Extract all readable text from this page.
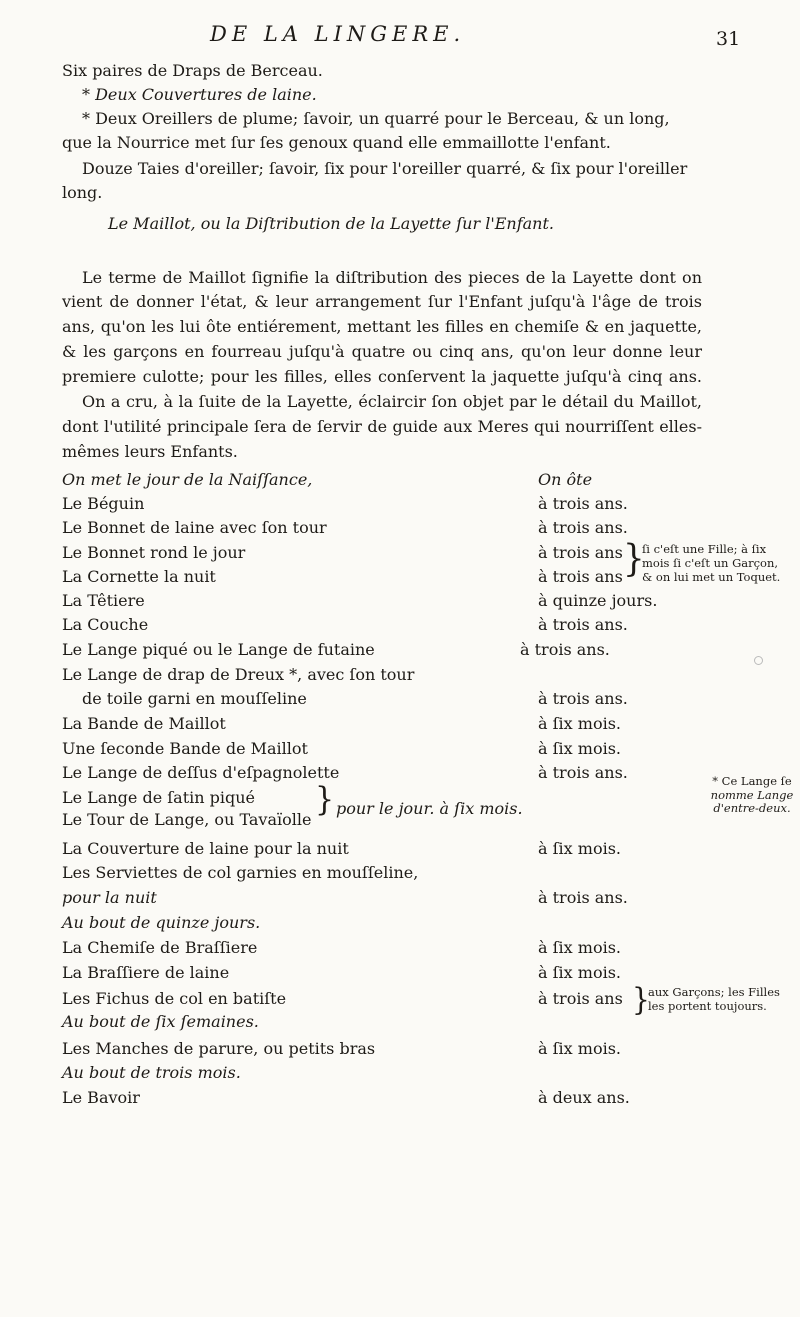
DE LA LINGERE.	31
Six paires de Draps de Berceau.
* Deux Couvertures de laine.
* Deux Oreillers de plume; ſavoir, un quarré pour le Berceau, & un long,
que la Nourrice met ſur ſes genoux quand elle emmaillotte l'enfant.
Douze Taies d'oreiller; ſavoir, ſix pour l'oreiller quarré, & ſix pour l'oreiller
long.
Le Maillot, ou la Diſtribution de la Layette ſur l'Enfant.
Le terme de Maillot ſignifie la diſtribution des pieces de la Layette dont on
vient de donner l'état, & leur arrangement ſur l'Enfant juſqu'à l'âge de trois
ans, qu'on les lui ôte entiérement, mettant les filles en chemiſe & en jaquette,
& les garçons en fourreau juſqu'à quatre ou cinq ans, qu'on leur donne leur
premiere culotte; pour les filles, elles conſervent la jaquette juſqu'à cinq ans.
On a cru, à la ſuite de la Layette, éclaircir ſon objet par le détail du Maillot,
dont l'utilité principale ſera de ſervir de guide aux Meres qui nourriſſent elles-
mêmes leurs Enfants.
On met le jour de la Naiſſance,	On ôte
Le Béguin	à trois ans.
Le Bonnet de laine avec ſon tour	à trois ans.
Le Bonnet rond le jour	à trois ans
La Cornette la nuit	à trois ans
La Têtiere	à quinze jours.
La Couche	à trois ans.
Le Lange piqué ou le Lange de futaine	à trois ans.
Le Lange de drap de Dreux *, avec ſon tour
de toile garni en mouſſeline	à trois ans.
La Bande de Maillot	à ſix mois.
Une ſeconde Bande de Maillot	à ſix mois.
Le Lange de deſſus d'eſpagnolette	à trois ans.
Le Lange de ſatin piqué
Le Tour de Lange, ou Tavaïolle
} pour le jour. à ſix mois.
La Couverture de laine pour la nuit	à ſix mois.
Les Serviettes de col garnies en mouſſeline,
pour la nuit	à trois ans.
Au bout de quinze jours.
La Chemiſe de Braſſiere	à ſix mois.
La Braſſiere de laine	à ſix mois.
Les Fichus de col en batiſte	à trois ans
Au bout de ſix ſemaines.
Les Manches de parure, ou petits bras	à ſix mois.
Au bout de trois mois.
Le Bavoir	à deux ans.
}
ſi c'eſt une Fille; à ſix
mois ſi c'eſt un Garçon,
& on lui met un Toquet.
* Ce Lange ſe
nomme Lange
d'entre-deux.
}
aux Garçons; les Filles
les portent toujours.
